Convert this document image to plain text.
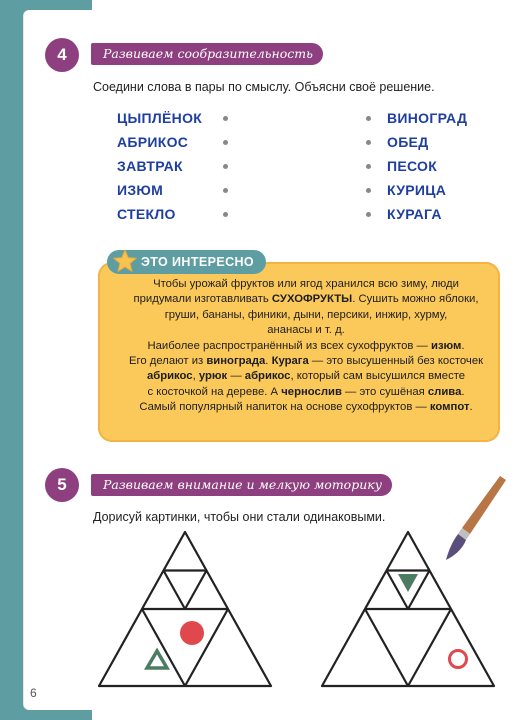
4	Развиваем сообразительность
Соедини слова в пары по смыслу. Объясни своё решение.
ЦЫПЛЁНОК
АБРИКОС
ЗАВТРАК
ИЗЮМ
СТЕКЛО
ВИНОГРАД
ОБЕД
ПЕСОК
КУРИЦА
КУРАГА
ЭТО ИНТЕРЕСНО
Чтобы урожай фруктов или ягод хранился всю зиму, люди
придумали изготавливать СУХОФРУКТЫ. Сушить можно яблоки,
груши, бананы, финики, дыни, персики, инжир, хурму,
ананасы и т. д.
Наиболее распространённый из всех сухофруктов — изюм.
Его делают из винограда. Курага — это высушенный без косточек
абрикос, урюк — абрикос, который сам высушился вместе
с косточкой на дереве. А чернослив — это сушёная слива.
Самый популярный напиток на основе сухофруктов — компот.
5	Развиваем внимание и мелкую моторику
Дорисуй картинки, чтобы они стали одинаковыми.
6
